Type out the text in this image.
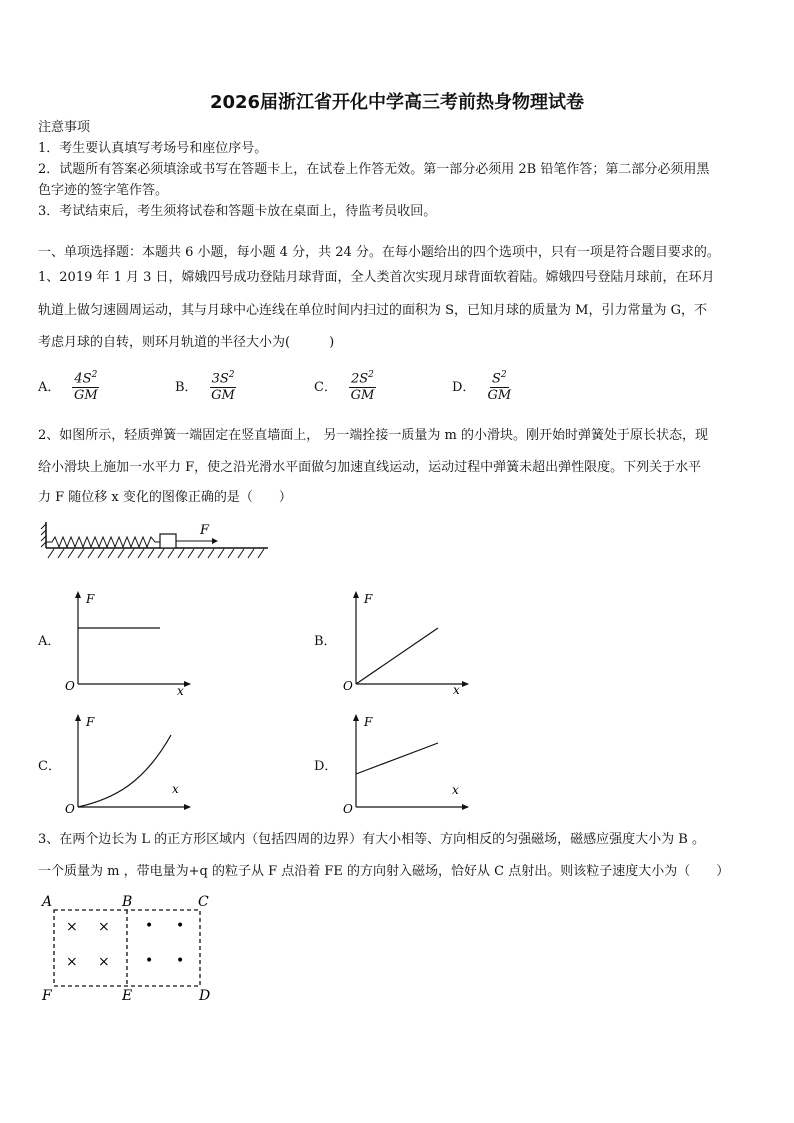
2026届浙江省开化中学高三考前热身物理试卷
注意事项
1．考生要认真填写考场号和座位序号。
2．试题所有答案必须填涂或书写在答题卡上，在试卷上作答无效。第一部分必须用 2B 铅笔作答；第二部分必须用黑
色字迹的签字笔作答。
3．考试结束后，考生须将试卷和答题卡放在桌面上，待监考员收回。
一、单项选择题：本题共 6 小题，每小题 4 分，共 24 分。在每小题给出的四个选项中，只有一项是符合题目要求的。
1、2019 年 1 月 3 日，嫦娥四号成功登陆月球背面，全人类首次实现月球背面软着陆。嫦娥四号登陆月球前，在环月
轨道上做匀速圆周运动，其与月球中心连线在单位时间内扫过的面积为 S，已知月球的质量为 M，引力常量为 G，不
考虑月球的自转，则环月轨道的半径大小为(　　　)
A． $\frac{4S^2}{GM}$	B． $\frac{3S^2}{GM}$	C． $\frac{2S^2}{GM}$	D． $\frac{S^2}{GM}$
2、如图所示，轻质弹簧一端固定在竖直墙面上， 另一端拴接一质量为 m 的小滑块。刚开始时弹簧处于原长状态，现
给小滑块上施加一水平力 F，使之沿光滑水平面做匀加速直线运动，运动过程中弹簧未超出弹性限度。下列关于水平
力 F 随位移 x 变化的图像正确的是（　　）
F
A．	B．
C．	D．
F
O	x
F
O	x
F
O
x
F
O
x
3、在两个边长为 L 的正方形区域内（包括四周的边界）有大小相等、方向相反的匀强磁场，磁感应强度大小为 B 。
一个质量为 m ，带电量为+q 的粒子从 F 点沿着 FE 的方向射入磁场，恰好从 C 点射出。则该粒子速度大小为（　　）
A	B	C
F	E	D
× ×
× ×
• •
• •
